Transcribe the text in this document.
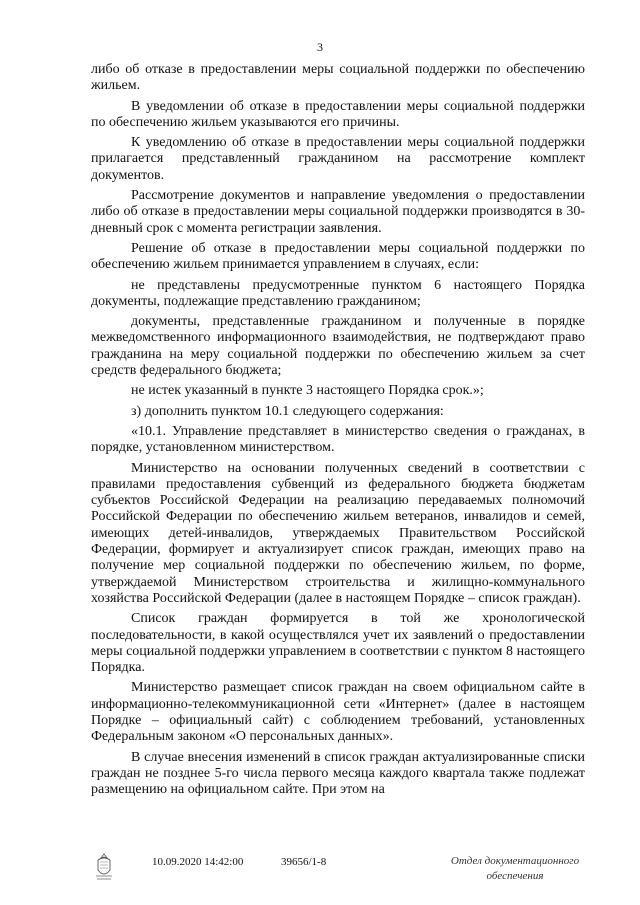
3

либо об отказе в предоставлении меры социальной поддержки по обеспечению жильем.

В уведомлении об отказе в предоставлении меры социальной поддержки по обеспечению жильем указываются его причины.

К уведомлению об отказе в предоставлении меры социальной поддержки прилагается представленный гражданином на рассмотрение комплект документов.

Рассмотрение документов и направление уведомления о предоставлении либо об отказе в предоставлении меры социальной поддержки производятся в 30-дневный срок с момента регистрации заявления.

Решение об отказе в предоставлении меры социальной поддержки по обеспечению жильем принимается управлением в случаях, если:

не представлены предусмотренные пунктом 6 настоящего Порядка документы, подлежащие представлению гражданином;

документы, представленные гражданином и полученные в порядке межведомственного информационного взаимодействия, не подтверждают право гражданина на меру социальной поддержки по обеспечению жильем за счет средств федерального бюджета;

не истек указанный в пункте 3 настоящего Порядка срок.»;

з) дополнить пунктом 10.1 следующего содержания:

«10.1. Управление представляет в министерство сведения о гражданах, в порядке, установленном министерством.

Министерство на основании полученных сведений в соответствии с правилами предоставления субвенций из федерального бюджета бюджетам субъектов Российской Федерации на реализацию передаваемых полномочий Российской Федерации по обеспечению жильем ветеранов, инвалидов и семей, имеющих детей-инвалидов, утверждаемых Правительством Российской Федерации, формирует и актуализирует список граждан, имеющих право на получение мер социальной поддержки по обеспечению жильем, по форме, утверждаемой Министерством строительства и жилищно-коммунального хозяйства Российской Федерации (далее в настоящем Порядке – список граждан).

Список граждан формируется в той же хронологической последовательности, в какой осуществлялся учет их заявлений о предоставлении меры социальной поддержки управлением в соответствии с пунктом 8 настоящего Порядка.

Министерство размещает список граждан на своем официальном сайте в информационно-телекоммуникационной сети «Интернет» (далее в настоящем Порядке – официальный сайт) с соблюдением требований, установленных Федеральным законом «О персональных данных».

В случае внесения изменений в список граждан актуализированные списки граждан не позднее 5-го числа первого месяца каждого квартала также подлежат размещению на официальном сайте. При этом на

10.09.2020 14:42:00	39656/1-8	Отдел документационного
обеспечения
